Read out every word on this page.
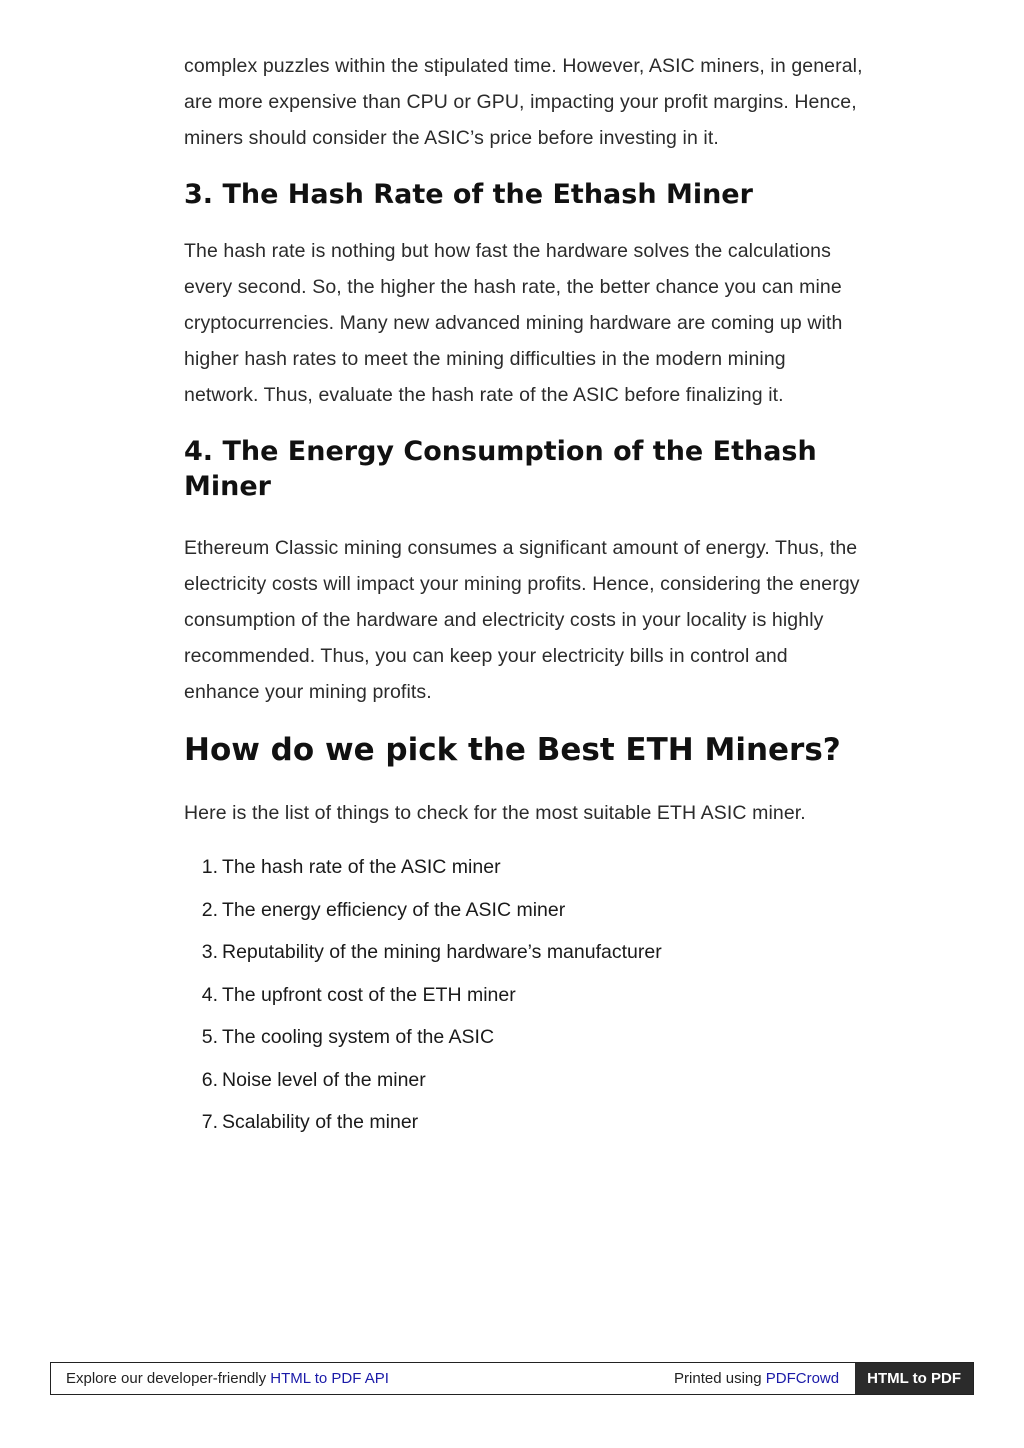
complex puzzles within the stipulated time. However, ASIC miners, in general, are more expensive than CPU or GPU, impacting your profit margins. Hence, miners should consider the ASIC’s price before investing in it.

3. The Hash Rate of the Ethash Miner

The hash rate is nothing but how fast the hardware solves the calculations every second. So, the higher the hash rate, the better chance you can mine cryptocurrencies. Many new advanced mining hardware are coming up with higher hash rates to meet the mining difficulties in the modern mining network. Thus, evaluate the hash rate of the ASIC before finalizing it.

4. The Energy Consumption of the Ethash Miner

Ethereum Classic mining consumes a significant amount of energy. Thus, the electricity costs will impact your mining profits. Hence, considering the energy consumption of the hardware and electricity costs in your locality is highly recommended. Thus, you can keep your electricity bills in control and enhance your mining profits.

How do we pick the Best ETH Miners?

Here is the list of things to check for the most suitable ETH ASIC miner.

1. The hash rate of the ASIC miner
2. The energy efficiency of the ASIC miner
3. Reputability of the mining hardware’s manufacturer
4. The upfront cost of the ETH miner
5. The cooling system of the ASIC
6. Noise level of the miner
7. Scalability of the miner
Explore our developer-friendly HTML to PDF API	Printed using PDFCrowd	HTML to PDF
